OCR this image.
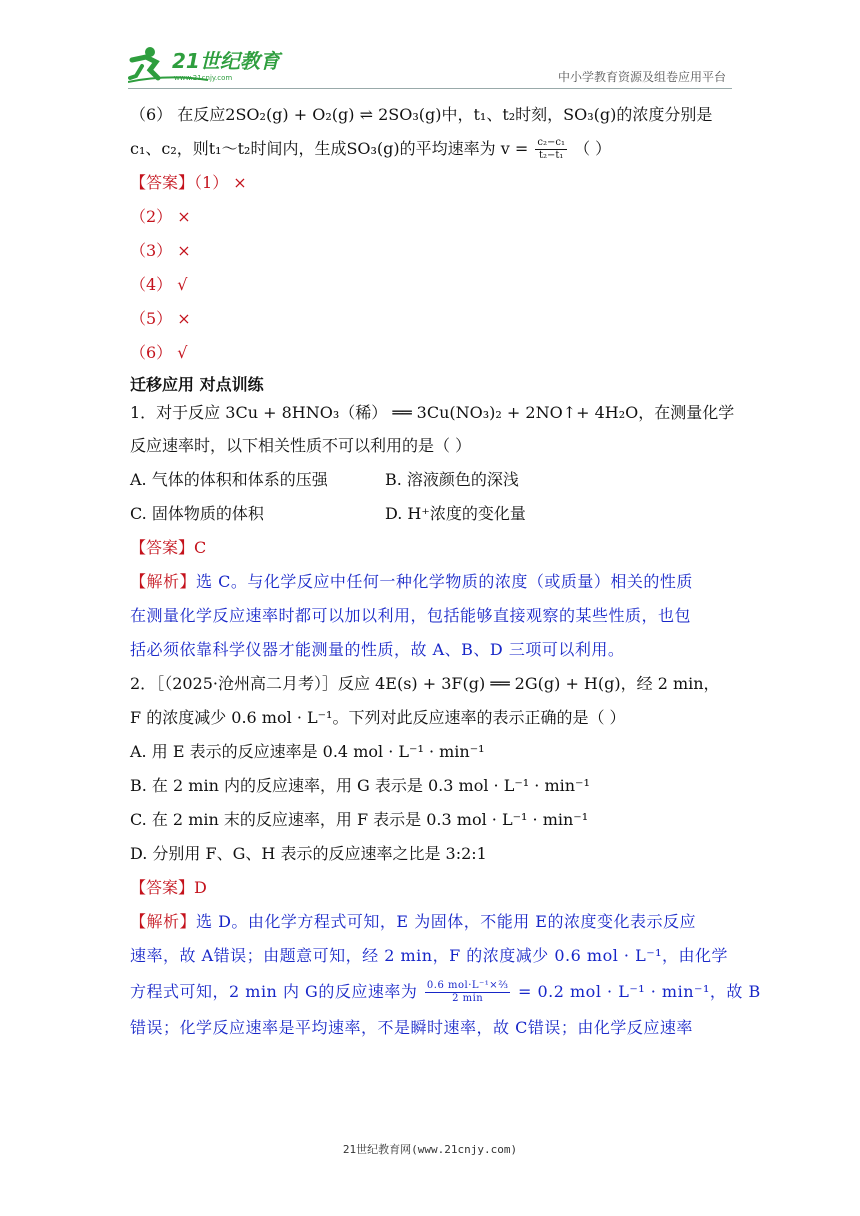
21世纪教育
www.21cnjy.com	中小学教育资源及组卷应用平台
（6） 在反应2SO₂(g) + O₂(g) ⇌ 2SO₃(g)中，t₁、t₂时刻，SO₃(g)的浓度分别是
c₁、c₂，则t₁～t₂时间内，生成SO₃(g)的平均速率为 $v = \frac{\text{c₂−c₁}}{\text{t₂−t₁}}$ （ ）
【答案】（1） ×
（2） ×
（3） ×
（4） √
（5） ×
（6） √
迁移应用 对点训练
1．对于反应 3Cu + 8HNO₃（稀） ══ 3Cu(NO₃)₂ + 2NO↑+ 4H₂O，在测量化学
反应速率时，以下相关性质不可以利用的是（ ）
A. 气体的体积和体系的压强	B. 溶液颜色的深浅
C. 固体物质的体积	D. H⁺浓度的变化量
【答案】C
【解析】选 C。与化学反应中任何一种化学物质的浓度（或质量）相关的性质
在测量化学反应速率时都可以加以利用，包括能够直接观察的某些性质，也包
括必须依靠科学仪器才能测量的性质，故 A、B、D 三项可以利用。
2．［（2025·沧州高二月考）］反应 4E(s) + 3F(g) ══ 2G(g) + H(g)，经 2 min，
F 的浓度减少 0.6 mol · L⁻¹。下列对此反应速率的表示正确的是（ ）
A. 用 E 表示的反应速率是 0.4 mol · L⁻¹ · min⁻¹
B. 在 2 min 内的反应速率，用 G 表示是 0.3 mol · L⁻¹ · min⁻¹
C. 在 2 min 末的反应速率，用 F 表示是 0.3 mol · L⁻¹ · min⁻¹
D. 分别用 F、G、H 表示的反应速率之比是 3:2:1
【答案】D
【解析】选 D。由化学方程式可知，E 为固体，不能用 E的浓度变化表示反应
速率，故 A错误；由题意可知，经 2 min，F 的浓度减少 0.6 mol · L⁻¹，由化学
方程式可知，2 min 内 G的反应速率为 $\frac{\text{0.6 mol·L⁻¹×⅔}}{2 \min} = 0.2$ mol · L⁻¹ · min⁻¹，故 B
错误；化学反应速率是平均速率，不是瞬时速率，故 C错误；由化学反应速率
21世纪教育网(www.21cnjy.com)
